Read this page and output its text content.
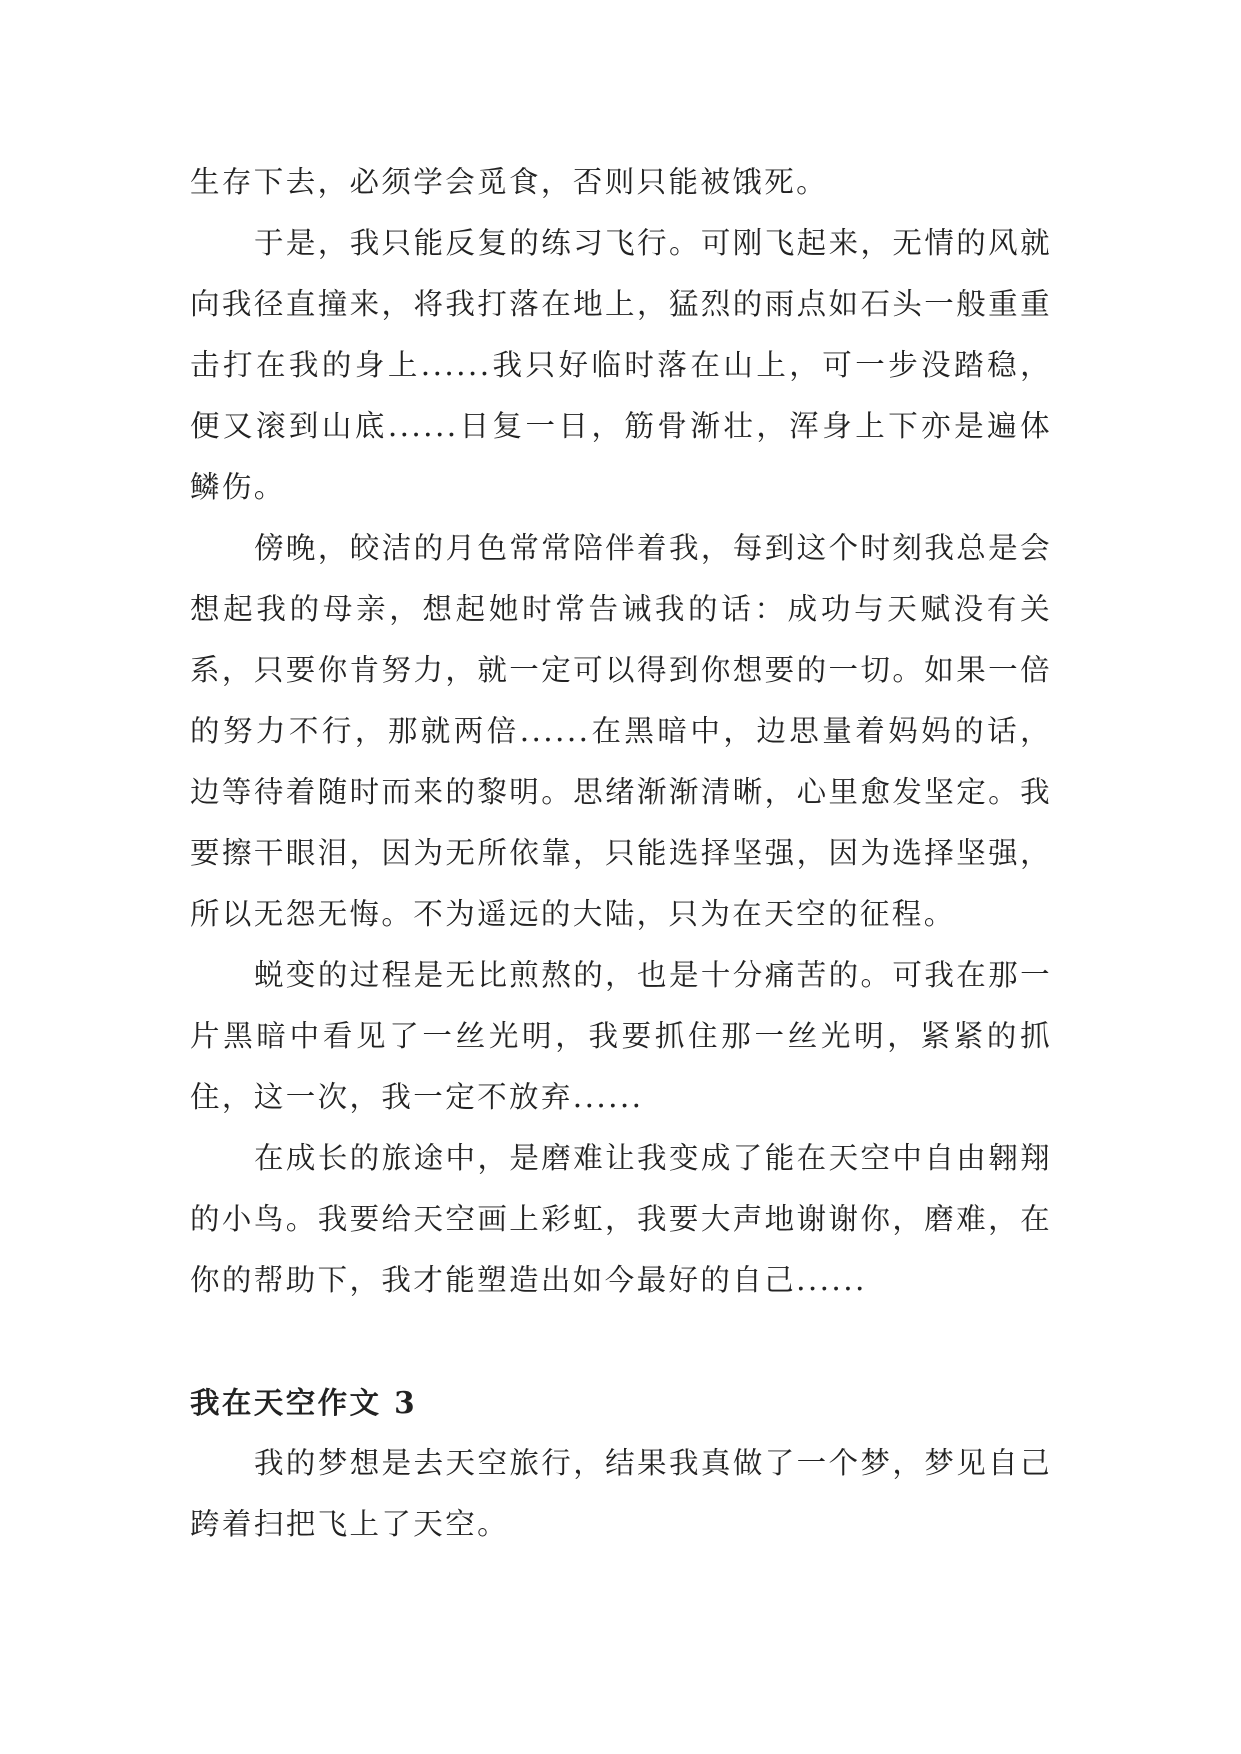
生存下去，必须学会觅食，否则只能被饿死。

于是，我只能反复的练习飞行。可刚飞起来，无情的风就向我径直撞来，将我打落在地上，猛烈的雨点如石头一般重重击打在我的身上......我只好临时落在山上，可一步没踏稳，便又滚到山底......日复一日，筋骨渐壮，浑身上下亦是遍体鳞伤。

傍晚，皎洁的月色常常陪伴着我，每到这个时刻我总是会想起我的母亲，想起她时常告诫我的话：成功与天赋没有关系，只要你肯努力，就一定可以得到你想要的一切。如果一倍的努力不行，那就两倍......在黑暗中，边思量着妈妈的话，边等待着随时而来的黎明。思绪渐渐清晰，心里愈发坚定。我要擦干眼泪，因为无所依靠，只能选择坚强，因为选择坚强，所以无怨无悔。不为遥远的大陆，只为在天空的征程。

蜕变的过程是无比煎熬的，也是十分痛苦的。可我在那一片黑暗中看见了一丝光明，我要抓住那一丝光明，紧紧的抓住，这一次，我一定不放弃......

在成长的旅途中，是磨难让我变成了能在天空中自由翱翔的小鸟。我要给天空画上彩虹，我要大声地谢谢你，磨难，在你的帮助下，我才能塑造出如今最好的自己......

我在天空作文 3

我的梦想是去天空旅行，结果我真做了一个梦，梦见自己跨着扫把飞上了天空。
